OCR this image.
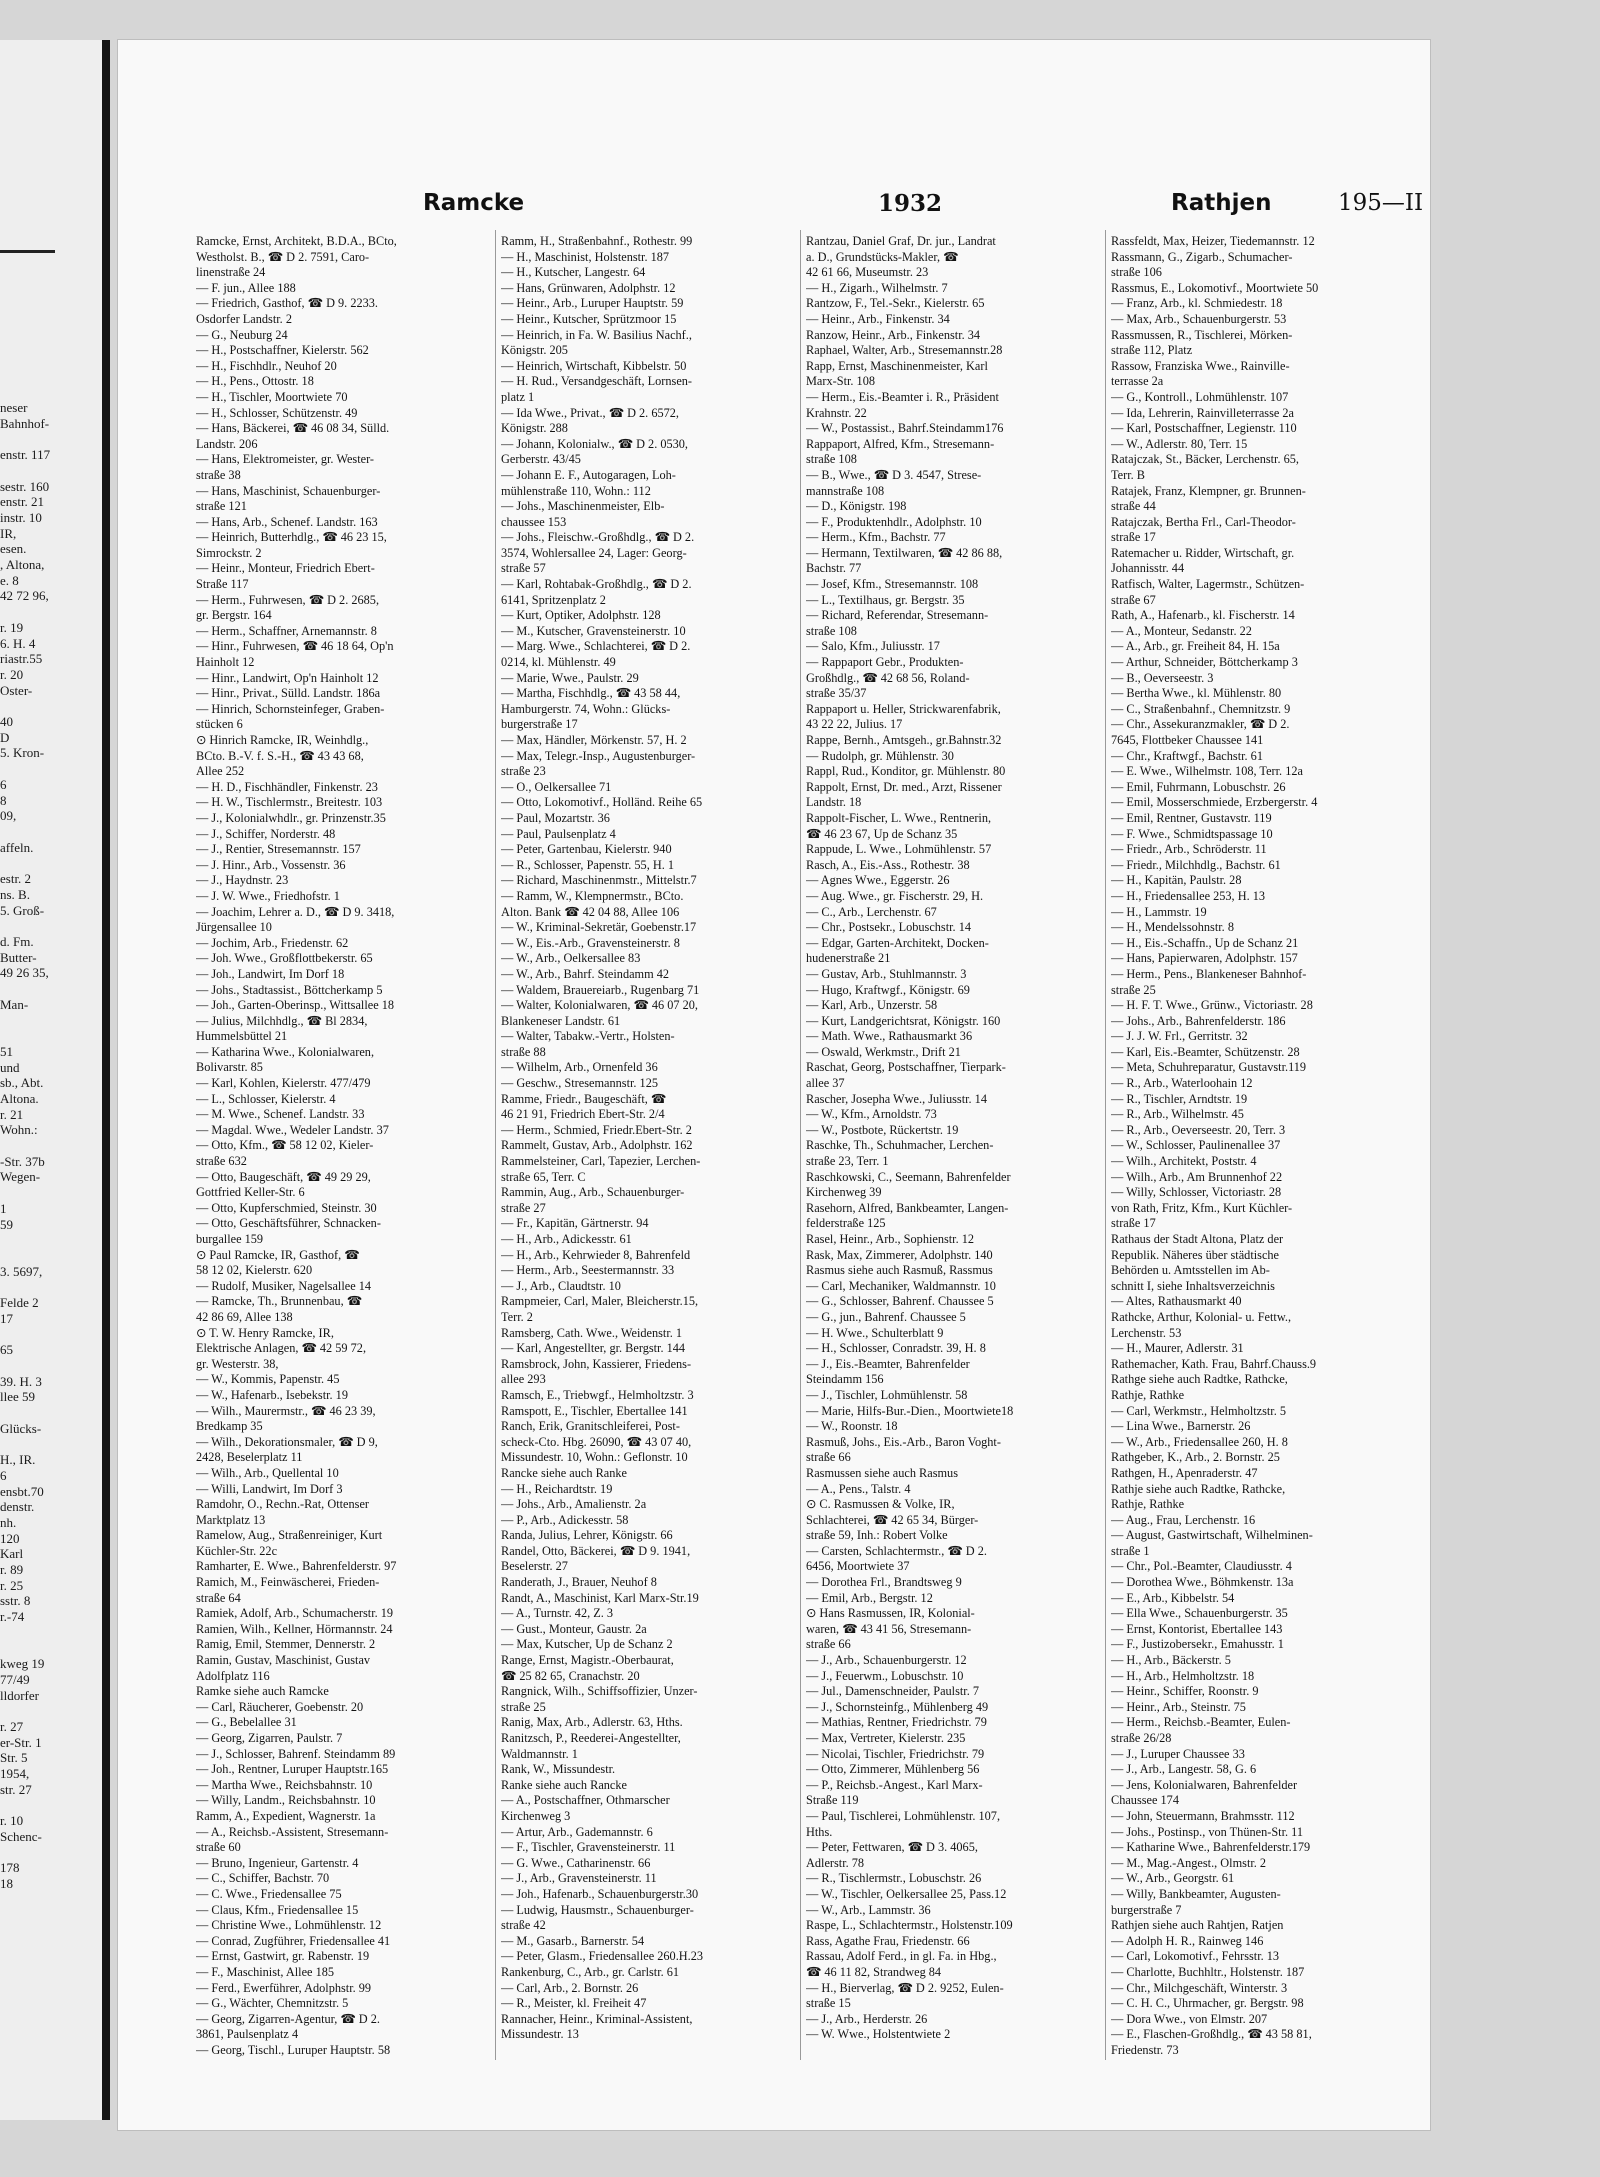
neser
Bahnhof-

enstr. 117

sestr. 160
enstr. 21
instr. 10
IR,
esen.
, Altona,
e. 8
42 72 96,

r. 19
6. H. 4
riastr.55
r. 20
Oster-

40
D
5. Kron-

6
8
09,

affeln.

estr. 2
ns. B.
5. Groß-

d. Fm.
Butter-
49 26 35,

Man-

51
und
sb., Abt.
Altona.
r. 21
Wohn.:

-Str. 37b
Wegen-

1
59

3. 5697,

Felde 2
17

65

39. H. 3
llee 59

Glücks-

H., IR.
6
ensbt.70
denstr.
nh.
120
Karl
r. 89
r. 25
sstr. 8
r.-74

kweg 19
77/49
lldorfer

r. 27
er-Str. 1
Str. 5
1954,
str. 27

r. 10
Schenc-

178
18
Ramcke	1932	Rathjen	195—II

Ramcke, Ernst, Architekt, B.D.A., BCto,

Westholst. B., ☎ D 2. 7591, Caro-

linenstraße 24

— F. jun., Allee 188

— Friedrich, Gasthof, ☎ D 9. 2233.

Osdorfer Landstr. 2

— G., Neuburg 24

— H., Postschaffner, Kielerstr. 562

— H., Fischhdlr., Neuhof 20

— H., Pens., Ottostr. 18

— H., Tischler, Moortwiete 70

— H., Schlosser, Schützenstr. 49

— Hans, Bäckerei, ☎ 46 08 34, Sülld.

Landstr. 206

— Hans, Elektromeister, gr. Wester-

straße 38

— Hans, Maschinist, Schauenburger-

straße 121

— Hans, Arb., Schenef. Landstr. 163

— Heinrich, Butterhdlg., ☎ 46 23 15,

Simrockstr. 2

— Heinr., Monteur, Friedrich Ebert-

Straße 117

— Herm., Fuhrwesen, ☎ D 2. 2685,

gr. Bergstr. 164

— Herm., Schaffner, Arnemannstr. 8

— Hinr., Fuhrwesen, ☎ 46 18 64, Op'n

Hainholt 12

— Hinr., Landwirt, Op'n Hainholt 12

— Hinr., Privat., Sülld. Landstr. 186a

— Hinrich, Schornsteinfeger, Graben-

stücken 6

⊙ Hinrich Ramcke, IR, Weinhdlg.,

BCto. B.-V. f. S.-H., ☎ 43 43 68,

Allee 252

— H. D., Fischhändler, Finkenstr. 23

— H. W., Tischlermstr., Breitestr. 103

— J., Kolonialwhdlr., gr. Prinzenstr.35

— J., Schiffer, Norderstr. 48

— J., Rentier, Stresemannstr. 157

— J. Hinr., Arb., Vossenstr. 36

— J., Haydnstr. 23

— J. W. Wwe., Friedhofstr. 1

— Joachim, Lehrer a. D., ☎ D 9. 3418,

Jürgensallee 10

— Jochim, Arb., Friedenstr. 62

— Joh. Wwe., Großflottbekerstr. 65

— Joh., Landwirt, Im Dorf 18

— Johs., Stadtassist., Böttcherkamp 5

— Joh., Garten-Oberinsp., Wittsallee 18

— Julius, Milchhdlg., ☎ Bl 2834,

Hummelsbüttel 21

— Katharina Wwe., Kolonialwaren,

Bolivarstr. 85

— Karl, Kohlen, Kielerstr. 477/479

— L., Schlosser, Kielerstr. 4

— M. Wwe., Schenef. Landstr. 33

— Magdal. Wwe., Wedeler Landstr. 37

— Otto, Kfm., ☎ 58 12 02, Kieler-

straße 632

— Otto, Baugeschäft, ☎ 49 29 29,

Gottfried Keller-Str. 6

— Otto, Kupferschmied, Steinstr. 30

— Otto, Geschäftsführer, Schnacken-

burgallee 159

⊙ Paul Ramcke, IR, Gasthof, ☎

58 12 02, Kielerstr. 620

— Rudolf, Musiker, Nagelsallee 14

— Ramcke, Th., Brunnenbau, ☎

42 86 69, Allee 138

⊙ T. W. Henry Ramcke, IR,

Elektrische Anlagen, ☎ 42 59 72,

gr. Westerstr. 38,

— W., Kommis, Papenstr. 45

— W., Hafenarb., Isebekstr. 19

— Wilh., Maurermstr., ☎ 46 23 39,

Bredkamp 35

— Wilh., Dekorationsmaler, ☎ D 9,

2428, Beselerplatz 11

— Wilh., Arb., Quellental 10

— Willi, Landwirt, Im Dorf 3

Ramdohr, O., Rechn.-Rat, Ottenser

Marktplatz 13

Ramelow, Aug., Straßenreiniger, Kurt

Küchler-Str. 22c

Ramharter, E. Wwe., Bahrenfelderstr. 97

Ramich, M., Feinwäscherei, Frieden-

straße 64

Ramiek, Adolf, Arb., Schumacherstr. 19

Ramien, Wilh., Kellner, Hörmannstr. 24

Ramig, Emil, Stemmer, Dennerstr. 2

Ramin, Gustav, Maschinist, Gustav

Adolfplatz 116

Ramke siehe auch Ramcke

— Carl, Räucherer, Goebenstr. 20

— G., Bebelallee 31

— Georg, Zigarren, Paulstr. 7

— J., Schlosser, Bahrenf. Steindamm 89

— Joh., Rentner, Luruper Hauptstr.165

— Martha Wwe., Reichsbahnstr. 10

— Willy, Landm., Reichsbahnstr. 10

Ramm, A., Expedient, Wagnerstr. 1a

— A., Reichsb.-Assistent, Stresemann-

straße 60

— Bruno, Ingenieur, Gartenstr. 4

— C., Schiffer, Bachstr. 70

— C. Wwe., Friedensallee 75

— Claus, Kfm., Friedensallee 15

— Christine Wwe., Lohmühlenstr. 12

— Conrad, Zugführer, Friedensallee 41

— Ernst, Gastwirt, gr. Rabenstr. 19

— F., Maschinist, Allee 185

— Ferd., Ewerführer, Adolphstr. 99

— G., Wächter, Chemnitzstr. 5

— Georg, Zigarren-Agentur, ☎ D 2.

3861, Paulsenplatz 4

— Georg, Tischl., Luruper Hauptstr. 58

Ramm, H., Straßenbahnf., Rothestr. 99

— H., Maschinist, Holstenstr. 187

— H., Kutscher, Langestr. 64

— Hans, Grünwaren, Adolphstr. 12

— Heinr., Arb., Luruper Hauptstr. 59

— Heinr., Kutscher, Sprützmoor 15

— Heinrich, in Fa. W. Basilius Nachf.,

Königstr. 205

— Heinrich, Wirtschaft, Kibbelstr. 50

— H. Rud., Versandgeschäft, Lornsen-

platz 1

— Ida Wwe., Privat., ☎ D 2. 6572,

Königstr. 288

— Johann, Kolonialw., ☎ D 2. 0530,

Gerberstr. 43/45

— Johann E. F., Autogaragen, Loh-

mühlenstraße 110, Wohn.: 112

— Johs., Maschinenmeister, Elb-

chaussee 153

— Johs., Fleischw.-Großhdlg., ☎ D 2.

3574, Wohlersallee 24, Lager: Georg-

straße 57

— Karl, Rohtabak-Großhdlg., ☎ D 2.

6141, Spritzenplatz 2

— Kurt, Optiker, Adolphstr. 128

— M., Kutscher, Gravensteinerstr. 10

— Marg. Wwe., Schlachterei, ☎ D 2.

0214, kl. Mühlenstr. 49

— Marie, Wwe., Paulstr. 29

— Martha, Fischhdlg., ☎ 43 58 44,

Hamburgerstr. 74, Wohn.: Glücks-

burgerstraße 17

— Max, Händler, Mörkenstr. 57, H. 2

— Max, Telegr.-Insp., Augustenburger-

straße 23

— O., Oelkersallee 71

— Otto, Lokomotivf., Holländ. Reihe 65

— Paul, Mozartstr. 36

— Paul, Paulsenplatz 4

— Peter, Gartenbau, Kielerstr. 940

— R., Schlosser, Papenstr. 55, H. 1

— Richard, Maschinenmstr., Mittelstr.7

— Ramm, W., Klempnermstr., BCto.

Alton. Bank ☎ 42 04 88, Allee 106

— W., Kriminal-Sekretär, Goebenstr.17

— W., Eis.-Arb., Gravensteinerstr. 8

— W., Arb., Oelkersallee 83

— W., Arb., Bahrf. Steindamm 42

— Waldem, Brauereiarb., Rugenbarg 71

— Walter, Kolonialwaren, ☎ 46 07 20,

Blankeneser Landstr. 61

— Walter, Tabakw.-Vertr., Holsten-

straße 88

— Wilhelm, Arb., Ornenfeld 36

— Geschw., Stresemannstr. 125

Ramme, Friedr., Baugeschäft, ☎

46 21 91, Friedrich Ebert-Str. 2/4

— Herm., Schmied, Friedr.Ebert-Str. 2

Rammelt, Gustav, Arb., Adolphstr. 162

Rammelsteiner, Carl, Tapezier, Lerchen-

straße 65, Terr. C

Rammin, Aug., Arb., Schauenburger-

straße 27

— Fr., Kapitän, Gärtnerstr. 94

— H., Arb., Adickesstr. 61

— H., Arb., Kehrwieder 8, Bahrenfeld

— Herm., Arb., Seestermannstr. 33

— J., Arb., Claudtstr. 10

Rampmeier, Carl, Maler, Bleicherstr.15,

Terr. 2

Ramsberg, Cath. Wwe., Weidenstr. 1

— Karl, Angestellter, gr. Bergstr. 144

Ramsbrock, John, Kassierer, Friedens-

allee 293

Ramsch, E., Triebwgf., Helmholtzstr. 3

Ramspott, E., Tischler, Ebertallee 141

Ranch, Erik, Granitschleiferei, Post-

scheck-Cto. Hbg. 26090, ☎ 43 07 40,

Missundestr. 10, Wohn.: Geflonstr. 10

Rancke siehe auch Ranke

— H., Reichardtstr. 19

— Johs., Arb., Amalienstr. 2a

— P., Arb., Adickesstr. 58

Randa, Julius, Lehrer, Königstr. 66

Randel, Otto, Bäckerei, ☎ D 9. 1941,

Beselerstr. 27

Randerath, J., Brauer, Neuhof 8

Randt, A., Maschinist, Karl Marx-Str.19

— A., Turnstr. 42, Z. 3

— Gust., Monteur, Gaustr. 2a

— Max, Kutscher, Up de Schanz 2

Range, Ernst, Magistr.-Oberbaurat,

☎ 25 82 65, Cranachstr. 20

Rangnick, Wilh., Schiffsoffizier, Unzer-

straße 25

Ranig, Max, Arb., Adlerstr. 63, Hths.

Ranitzsch, P., Reederei-Angestellter,

Waldmannstr. 1

Rank, W., Missundestr.

Ranke siehe auch Rancke

— A., Postschaffner, Othmarscher

Kirchenweg 3

— Artur, Arb., Gademannstr. 6

— F., Tischler, Gravensteinerstr. 11

— G. Wwe., Catharinenstr. 66

— J., Arb., Gravensteinerstr. 11

— Joh., Hafenarb., Schauenburgerstr.30

— Ludwig, Hausmstr., Schauenburger-

straße 42

— M., Gasarb., Barnerstr. 54

— Peter, Glasm., Friedensallee 260.H.23

Rankenburg, C., Arb., gr. Carlstr. 61

— Carl, Arb., 2. Bornstr. 26

— R., Meister, kl. Freiheit 47

Rannacher, Heinr., Kriminal-Assistent,

Missundestr. 13

Rantzau, Daniel Graf, Dr. jur., Landrat

a. D., Grundstücks-Makler, ☎

42 61 66, Museumstr. 23

— H., Zigarh., Wilhelmstr. 7

Rantzow, F., Tel.-Sekr., Kielerstr. 65

— Heinr., Arb., Finkenstr. 34

Ranzow, Heinr., Arb., Finkenstr. 34

Raphael, Walter, Arb., Stresemannstr.28

Rapp, Ernst, Maschinenmeister, Karl

Marx-Str. 108

— Herm., Eis.-Beamter i. R., Präsident

Krahnstr. 22

— W., Postassist., Bahrf.Steindamm176

Rappaport, Alfred, Kfm., Stresemann-

straße 108

— B., Wwe., ☎ D 3. 4547, Strese-

mannstraße 108

— D., Königstr. 198

— F., Produktenhdlr., Adolphstr. 10

— Herm., Kfm., Bachstr. 77

— Hermann, Textilwaren, ☎ 42 86 88,

Bachstr. 77

— Josef, Kfm., Stresemannstr. 108

— L., Textilhaus, gr. Bergstr. 35

— Richard, Referendar, Stresemann-

straße 108

— Salo, Kfm., Juliusstr. 17

— Rappaport Gebr., Produkten-

Großhdlg., ☎ 42 68 56, Roland-

straße 35/37

Rappaport u. Heller, Strickwarenfabrik,

43 22 22, Julius. 17

Rappe, Bernh., Amtsgeh., gr.Bahnstr.32

— Rudolph, gr. Mühlenstr. 30

Rappl, Rud., Konditor, gr. Mühlenstr. 80

Rappolt, Ernst, Dr. med., Arzt, Rissener

Landstr. 18

Rappolt-Fischer, L. Wwe., Rentnerin,

☎ 46 23 67, Up de Schanz 35

Rappude, L. Wwe., Lohmühlenstr. 57

Rasch, A., Eis.-Ass., Rothestr. 38

— Agnes Wwe., Eggerstr. 26

— Aug. Wwe., gr. Fischerstr. 29, H.

— C., Arb., Lerchenstr. 67

— Chr., Postsekr., Lobuschstr. 14

— Edgar, Garten-Architekt, Docken-

hudenerstraße 21

— Gustav, Arb., Stuhlmannstr. 3

— Hugo, Kraftwgf., Königstr. 69

— Karl, Arb., Unzerstr. 58

— Kurt, Landgerichtsrat, Königstr. 160

— Math. Wwe., Rathausmarkt 36

— Oswald, Werkmstr., Drift 21

Raschat, Georg, Postschaffner, Tierpark-

allee 37

Rascher, Josepha Wwe., Juliusstr. 14

— W., Kfm., Arnoldstr. 73

— W., Postbote, Rückertstr. 19

Raschke, Th., Schuhmacher, Lerchen-

straße 23, Terr. 1

Raschkowski, C., Seemann, Bahrenfelder

Kirchenweg 39

Rasehorn, Alfred, Bankbeamter, Langen-

felderstraße 125

Rasel, Heinr., Arb., Sophienstr. 12

Rask, Max, Zimmerer, Adolphstr. 140

Rasmus siehe auch Rasmuß, Rassmus

— Carl, Mechaniker, Waldmannstr. 10

— G., Schlosser, Bahrenf. Chaussee 5

— G., jun., Bahrenf. Chaussee 5

— H. Wwe., Schulterblatt 9

— H., Schlosser, Conradstr. 39, H. 8

— J., Eis.-Beamter, Bahrenfelder

Steindamm 156

— J., Tischler, Lohmühlenstr. 58

— Marie, Hilfs-Bur.-Dien., Moortwiete18

— W., Roonstr. 18

Rasmuß, Johs., Eis.-Arb., Baron Voght-

straße 66

Rasmussen siehe auch Rasmus

— A., Pens., Talstr. 4

⊙ C. Rasmussen & Volke, IR,

Schlachterei, ☎ 42 65 34, Bürger-

straße 59, Inh.: Robert Volke

— Carsten, Schlachtermstr., ☎ D 2.

6456, Moortwiete 37

— Dorothea Frl., Brandtsweg 9

— Emil, Arb., Bergstr. 12

⊙ Hans Rasmussen, IR, Kolonial-

waren, ☎ 43 41 56, Stresemann-

straße 66

— J., Arb., Schauenburgerstr. 12

— J., Feuerwm., Lobuschstr. 10

— Jul., Damenschneider, Paulstr. 7

— J., Schornsteinfg., Mühlenberg 49

— Mathias, Rentner, Friedrichstr. 79

— Max, Vertreter, Kielerstr. 235

— Nicolai, Tischler, Friedrichstr. 79

— Otto, Zimmerer, Mühlenberg 56

— P., Reichsb.-Angest., Karl Marx-

Straße 119

— Paul, Tischlerei, Lohmühlenstr. 107,

Hths.

— Peter, Fettwaren, ☎ D 3. 4065,

Adlerstr. 78

— R., Tischlermstr., Lobuschstr. 26

— W., Tischler, Oelkersallee 25, Pass.12

— W., Arb., Lammstr. 36

Raspe, L., Schlachtermstr., Holstenstr.109

Rass, Agathe Frau, Friedenstr. 66

Rassau, Adolf Ferd., in gl. Fa. in Hbg.,

☎ 46 11 82, Strandweg 84

— H., Bierverlag, ☎ D 2. 9252, Eulen-

straße 15

— J., Arb., Herderstr. 26

— W. Wwe., Holstentwiete 2

Rassfeldt, Max, Heizer, Tiedemannstr. 12

Rassmann, G., Zigarb., Schumacher-

straße 106

Rassmus, E., Lokomotivf., Moortwiete 50

— Franz, Arb., kl. Schmiedestr. 18

— Max, Arb., Schauenburgerstr. 53

Rassmussen, R., Tischlerei, Mörken-

straße 112, Platz

Rassow, Franziska Wwe., Rainville-

terrasse 2a

— G., Kontroll., Lohmühlenstr. 107

— Ida, Lehrerin, Rainvilleterrasse 2a

— Karl, Postschaffner, Legienstr. 110

— W., Adlerstr. 80, Terr. 15

Ratajczak, St., Bäcker, Lerchenstr. 65,

Terr. B

Ratajek, Franz, Klempner, gr. Brunnen-

straße 44

Ratajczak, Bertha Frl., Carl-Theodor-

straße 17

Ratemacher u. Ridder, Wirtschaft, gr.

Johannisstr. 44

Ratfisch, Walter, Lagermstr., Schützen-

straße 67

Rath, A., Hafenarb., kl. Fischerstr. 14

— A., Monteur, Sedanstr. 22

— A., Arb., gr. Freiheit 84, H. 15a

— Arthur, Schneider, Böttcherkamp 3

— B., Oeverseestr. 3

— Bertha Wwe., kl. Mühlenstr. 80

— C., Straßenbahnf., Chemnitzstr. 9

— Chr., Assekuranzmakler, ☎ D 2.

7645, Flottbeker Chaussee 141

— Chr., Kraftwgf., Bachstr. 61

— E. Wwe., Wilhelmstr. 108, Terr. 12a

— Emil, Fuhrmann, Lobuschstr. 26

— Emil, Mosserschmiede, Erzbergerstr. 4

— Emil, Rentner, Gustavstr. 119

— F. Wwe., Schmidtspassage 10

— Friedr., Arb., Schröderstr. 11

— Friedr., Milchhdlg., Bachstr. 61

— H., Kapitän, Paulstr. 28

— H., Friedensallee 253, H. 13

— H., Lammstr. 19

— H., Mendelssohnstr. 8

— H., Eis.-Schaffn., Up de Schanz 21

— Hans, Papierwaren, Adolphstr. 157

— Herm., Pens., Blankeneser Bahnhof-

straße 25

— H. F. T. Wwe., Grünw., Victoriastr. 28

— Johs., Arb., Bahrenfelderstr. 186

— J. J. W. Frl., Gerritstr. 32

— Karl, Eis.-Beamter, Schützenstr. 28

— Meta, Schuhreparatur, Gustavstr.119

— R., Arb., Waterloohain 12

— R., Tischler, Arndtstr. 19

— R., Arb., Wilhelmstr. 45

— R., Arb., Oeverseestr. 20, Terr. 3

— W., Schlosser, Paulinenallee 37

— Wilh., Architekt, Poststr. 4

— Wilh., Arb., Am Brunnenhof 22

— Willy, Schlosser, Victoriastr. 28

von Rath, Fritz, Kfm., Kurt Küchler-

straße 17

Rathaus der Stadt Altona, Platz der

Republik. Näheres über städtische

Behörden u. Amtsstellen im Ab-

schnitt I, siehe Inhaltsverzeichnis

— Altes, Rathausmarkt 40

Rathcke, Arthur, Kolonial- u. Fettw.,

Lerchenstr. 53

— H., Maurer, Adlerstr. 31

Rathemacher, Kath. Frau, Bahrf.Chauss.9

Rathge siehe auch Radtke, Rathcke,

Rathje, Rathke

— Carl, Werkmstr., Helmholtzstr. 5

— Lina Wwe., Barnerstr. 26

— W., Arb., Friedensallee 260, H. 8

Rathgeber, K., Arb., 2. Bornstr. 25

Rathgen, H., Apenraderstr. 47

Rathje siehe auch Radtke, Rathcke,

Rathje, Rathke

— Aug., Frau, Lerchenstr. 16

— August, Gastwirtschaft, Wilhelminen-

straße 1

— Chr., Pol.-Beamter, Claudiusstr. 4

— Dorothea Wwe., Böhmkenstr. 13a

— E., Arb., Kibbelstr. 54

— Ella Wwe., Schauenburgerstr. 35

— Ernst, Kontorist, Ebertallee 143

— F., Justizobersekr., Emahusstr. 1

— H., Arb., Bäckerstr. 5

— H., Arb., Helmholtzstr. 18

— Heinr., Schiffer, Roonstr. 9

— Heinr., Arb., Steinstr. 75

— Herm., Reichsb.-Beamter, Eulen-

straße 26/28

— J., Luruper Chaussee 33

— J., Arb., Langestr. 58, G. 6

— Jens, Kolonialwaren, Bahrenfelder

Chaussee 174

— John, Steuermann, Brahmsstr. 112

— Johs., Postinsp., von Thünen-Str. 11

— Katharine Wwe., Bahrenfelderstr.179

— M., Mag.-Angest., Olmstr. 2

— W., Arb., Georgstr. 61

— Willy, Bankbeamter, Augusten-

burgerstraße 7

Rathjen siehe auch Rahtjen, Ratjen

— Adolph H. R., Rainweg 146

— Carl, Lokomotivf., Fehrsstr. 13

— Charlotte, Buchhltr., Holstenstr. 187

— Chr., Milchgeschäft, Winterstr. 3

— C. H. C., Uhrmacher, gr. Bergstr. 98

— Dora Wwe., von Elmstr. 207

— E., Flaschen-Großhdlg., ☎ 43 58 81,

Friedenstr. 73
